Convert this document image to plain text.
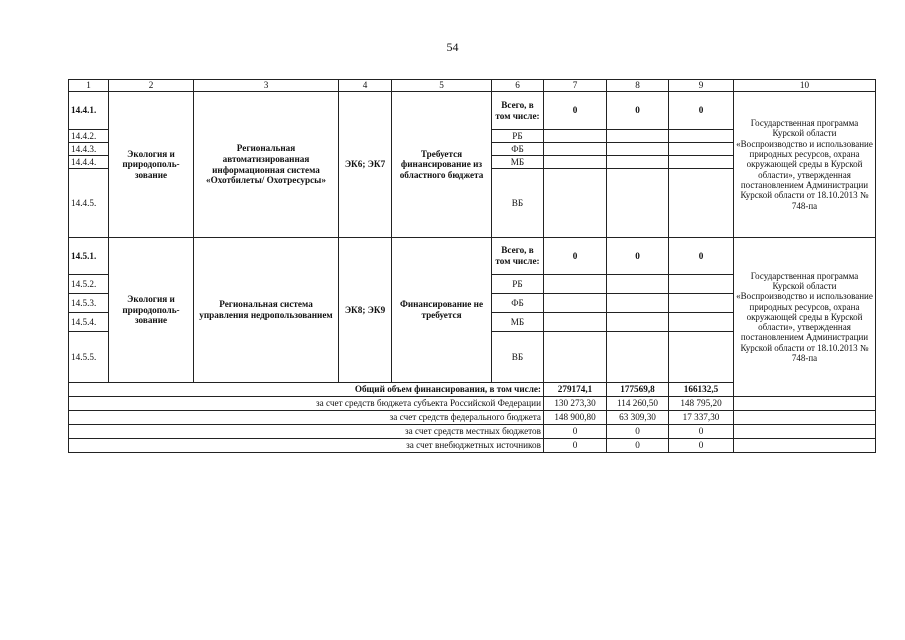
54
1	2	3	4	5	6	7	8	9	10
14.4.1.	Экология и природополь-зование	Региональная автоматизированная информационная система «Охотбилеты/ Охотресурсы»	ЭК6; ЭК7	Требуется финансирование из областного бюджета	Всего, в том числе:	0	0	0	Государственная программа Курской области «Воспроизводство и использование природных ресурсов, охрана окружающей среды в Курской области», утвержденная постановлением Администрации Курской области от 18.10.2013 № 748-па
14.4.2.					РБ				
14.4.3.					ФБ				
14.4.4.					МБ				
14.4.5.					ВБ				
14.5.1.	Экология и природополь-зование	Региональная система управления недропользованием	ЭК8; ЭК9	Финансирование не требуется	Всего, в том числе:	0	0	0	Государственная программа Курской области «Воспроизводство и использование природных ресурсов, охрана окружающей среды в Курской области», утвержденная постановлением Администрации Курской области от 18.10.2013 № 748-па
14.5.2.					РБ				
14.5.3.					ФБ				
14.5.4.					МБ				
14.5.5.					ВБ				
Общий объем финансирования, в том числе:						279174,1	177569,8	166132,5	
за счет средств бюджета субъекта Российской Федерации						130 273,30	114 260,50	148 795,20	
за счет средств федерального бюджета						148 900,80	63 309,30	17 337,30	
за счет средств местных бюджетов						0	0	0	
за счет внебюджетных источников						0	0	0	
